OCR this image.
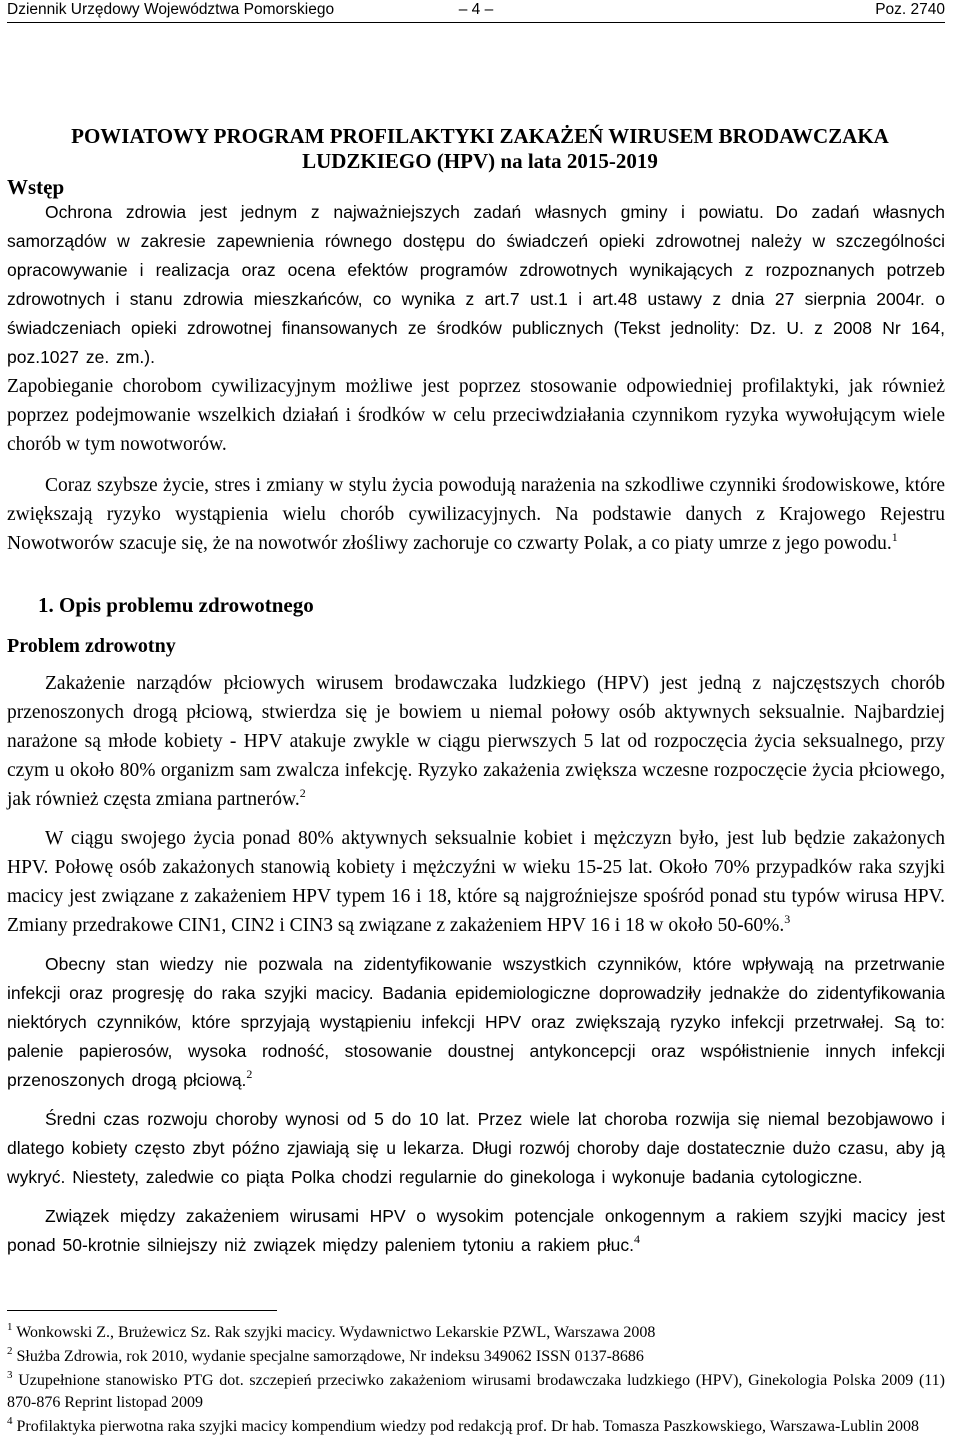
Dziennik Urzędowy Województwa Pomorskiego	– 4 –	Poz. 2740
POWIATOWY PROGRAM PROFILAKTYKI ZAKAŻEŃ WIRUSEM BRODAWCZAKA
LUDZKIEGO (HPV) na lata 2015-2019
Wstęp

Ochrona zdrowia jest jednym z najważniejszych zadań własnych gminy i powiatu. Do zadań własnych samorządów w zakresie zapewnienia równego dostępu do świadczeń opieki zdrowotnej należy w szczególności opracowywanie i realizacja oraz ocena efektów programów zdrowotnych wynikających z rozpoznanych potrzeb zdrowotnych i stanu zdrowia mieszkańców, co wynika z art.7 ust.1 i art.48 ustawy z dnia 27 sierpnia 2004r. o świadczeniach opieki zdrowotnej finansowanych ze środków publicznych (Tekst jednolity: Dz. U. z 2008 Nr 164, poz.1027 ze. zm.).

Zapobieganie chorobom cywilizacyjnym możliwe jest poprzez stosowanie odpowiedniej profilaktyki, jak również poprzez podejmowanie wszelkich działań i środków w celu przeciwdziałania czynnikom ryzyka wywołującym wiele chorób w tym nowotworów.

Coraz szybsze życie, stres i zmiany w stylu życia powodują narażenia na szkodliwe czynniki środowiskowe, które zwiększają ryzyko wystąpienia wielu chorób cywilizacyjnych. Na podstawie danych z Krajowego Rejestru Nowotworów szacuje się, że na nowotwór złośliwy zachoruje co czwarty Polak, a co piaty umrze z jego powodu.$^1$

1. Opis problemu zdrowotnego
Problem zdrowotny

Zakażenie narządów płciowych wirusem brodawczaka ludzkiego (HPV) jest jedną z najczęstszych chorób przenoszonych drogą płciową, stwierdza się je bowiem u niemal połowy osób aktywnych seksualnie. Najbardziej narażone są młode kobiety - HPV atakuje zwykle w ciągu pierwszych 5 lat od rozpoczęcia życia seksualnego, przy czym u około 80% organizm sam zwalcza infekcję. Ryzyko zakażenia zwiększa wczesne rozpoczęcie życia płciowego, jak również częsta zmiana partnerów.$^2$

W ciągu swojego życia ponad 80% aktywnych seksualnie kobiet i mężczyzn było, jest lub będzie zakażonych HPV. Połowę osób zakażonych stanowią kobiety i mężczyźni w wieku 15-25 lat. Około 70% przypadków raka szyjki macicy jest związane z zakażeniem HPV typem 16 i 18, które są najgroźniejsze spośród ponad stu typów wirusa HPV. Zmiany przedrakowe CIN1, CIN2 i CIN3 są związane z zakażeniem HPV 16 i 18 w około 50-60%.$^3$

Obecny stan wiedzy nie pozwala na zidentyfikowanie wszystkich czynników, które wpływają na przetrwanie infekcji oraz progresję do raka szyjki macicy. Badania epidemiologiczne doprowadziły jednakże do zidentyfikowania niektórych czynników, które sprzyjają wystąpieniu infekcji HPV oraz zwiększają ryzyko infekcji przetrwałej. Są to: palenie papierosów, wysoka rodność, stosowanie doustnej antykoncepcji oraz współistnienie innych infekcji przenoszonych drogą płciową.$^2$

Średni czas rozwoju choroby wynosi od 5 do 10 lat. Przez wiele lat choroba rozwija się niemal bezobjawowo i dlatego kobiety często zbyt późno zjawiają się u lekarza. Długi rozwój choroby daje dostatecznie dużo czasu, aby ją wykryć. Niestety, zaledwie co piąta Polka chodzi regularnie do ginekologa i wykonuje badania cytologiczne.

Związek między zakażeniem wirusami HPV o wysokim potencjale onkogennym a rakiem szyjki macicy jest ponad 50-krotnie silniejszy niż związek między paleniem tytoniu a rakiem płuc.$^4$

$^1$ Wonkowski Z., Brużewicz Sz. Rak szyjki macicy. Wydawnictwo Lekarskie PZWL, Warszawa 2008
$^2$ Służba Zdrowia, rok 2010, wydanie specjalne samorządowe, Nr indeksu 349062 ISSN 0137-8686
$^3$ Uzupełnione stanowisko PTG dot. szczepień przeciwko zakażeniom wirusami brodawczaka ludzkiego (HPV), Ginekologia Polska 2009 (11) 870-876 Reprint listopad 2009
$^4$ Profilaktyka pierwotna raka szyjki macicy kompendium wiedzy pod redakcją prof. Dr hab. Tomasza Paszkowskiego, Warszawa-Lublin 2008
